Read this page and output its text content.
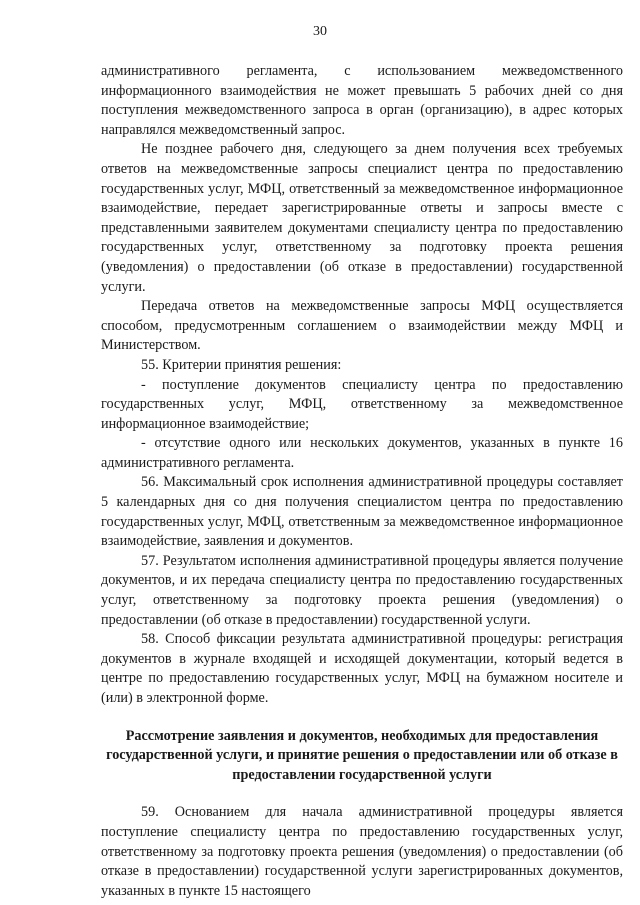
30

административного регламента, с использованием межведомственного информационного взаимодействия не может превышать 5 рабочих дней со дня поступления межведомственного запроса в орган (организацию), в адрес которых направлялся межведомственный запрос.

Не позднее рабочего дня, следующего за днем получения всех требуемых ответов на межведомственные запросы специалист центра по предоставлению государственных услуг, МФЦ, ответственный за межведомственное информационное взаимодействие, передает зарегистрированные ответы и запросы вместе с представленными заявителем документами специалисту центра по предоставлению государственных услуг, ответственному за подготовку проекта решения (уведомления) о предоставлении (об отказе в предоставлении) государственной услуги.

Передача ответов на межведомственные запросы МФЦ осуществляется способом, предусмотренным соглашением о взаимодействии между МФЦ и Министерством.

55. Критерии принятия решения:

- поступление документов специалисту центра по предоставлению государственных услуг, МФЦ, ответственному за межведомственное информационное взаимодействие;

- отсутствие одного или нескольких документов, указанных в пункте 16 административного регламента.

56. Максимальный срок исполнения административной процедуры составляет 5 календарных дня со дня получения специалистом центра по предоставлению государственных услуг, МФЦ, ответственным за межведомственное информационное взаимодействие, заявления и документов.

57. Результатом исполнения административной процедуры является получение документов, и их передача специалисту центра по предоставлению государственных услуг, ответственному за подготовку проекта решения (уведомления) о предоставлении (об отказе в предоставлении) государственной услуги.

58. Способ фиксации результата административной процедуры: регистрация документов в журнале входящей и исходящей документации, который ведется в центре по предоставлению государственных услуг, МФЦ на бумажном носителе и (или) в электронной форме.

Рассмотрение заявления и документов, необходимых для предоставления государственной услуги, и принятие решения о предоставлении или об отказе в предоставлении государственной услуги

59. Основанием для начала административной процедуры является поступление специалисту центра по предоставлению государственных услуг, ответственному за подготовку проекта решения (уведомления) о предоставлении (об отказе в предоставлении) государственной услуги зарегистрированных документов, указанных в пункте 15 настоящего
